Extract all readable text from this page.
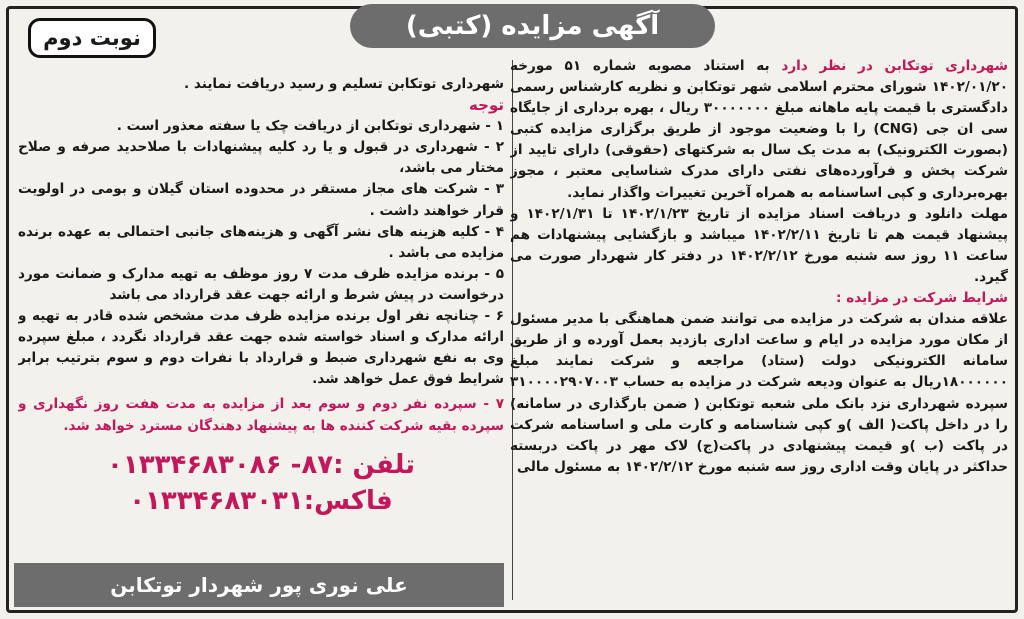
آگهی مزایده (کتبی)
نوبت دوم

شهرداری توتکابن در نظر دارد به استناد مصوبه شماره ۵۱ مورخه ۱۴۰۲/۰۱/۲۰ شورای محترم اسلامی شهر توتکابن و نظریه کارشناس رسمی دادگستری با قیمت پایه ماهانه مبلغ ۳۰۰۰۰۰۰۰ ریال ، بهره برداری از جایگاه سی ان جی (CNG) را با وضعیت موجود از طریق برگزاری مزایده کتبی (بصورت الکترونیک) به مدت یک سال به شرکتهای (حقوقی) دارای تایید از شرکت پخش و فرآورده‌های نفتی دارای مدرک شناسایی معتبر ، مجوز بهره‌برداری و کپی اساسنامه به همراه آخرین تغییرات واگذار نماید.

مهلت دانلود و دریافت اسناد مزایده از تاریخ ۱۴۰۲/۱/۲۳ تا ۱۴۰۲/۱/۳۱ و پیشنهاد قیمت هم تا تاریخ ۱۴۰۲/۲/۱۱ میباشد و بازگشایی پیشنهادات هم ساعت ۱۱ روز سه شنبه مورخ ۱۴۰۲/۲/۱۲ در دفتر کار شهردار صورت می گیرد.

شرایط شرکت در مزایده :

علاقه مندان به شرکت در مزایده می توانند ضمن هماهنگی با مدیر مسئول از مکان مورد مزایده در ایام و ساعت اداری بازدید بعمل آورده و از طریق سامانه الکترونیکی دولت (ستاد) مراجعه و شرکت نمایند مبلغ ۱۸۰۰۰۰۰۰ریال به عنوان ودیعه شرکت در مزایده به حساب ۳۱۰۰۰۰۲۹۰۷۰۰۳ سپرده شهرداری نزد بانک ملی شعبه توتکابن ( ضمن بارگذاری در سامانه) را در داخل پاکت( الف )و کپی شناسنامه و کارت ملی و اساسنامه شرکت در پاکت (ب )و قیمت پیشنهادی در پاکت(ج) لاک مهر در پاکت دربسته حداکثر در پایان وقت اداری روز سه شنبه مورخ ۱۴۰۲/۲/۱۲ به مسئول مالی

شهرداری توتکابن تسلیم و رسید دریافت نمایند .

توجه

۱ - شهرداری توتکابن از دریافت چک یا سفته معذور است .

۲ - شهرداری در قبول و یا رد کلیه پیشنهادات با صلاحدید صرفه و صلاح مختار می باشد،

۳ - شرکت های مجاز مستقر در محدوده استان گیلان و بومی در اولویت قرار خواهند داشت .

۴ - کلیه هزینه های نشر آگهی و هزینه‌های جانبی احتمالی به عهده برنده مزایده می باشد .

۵ - برنده مزایده ظرف مدت ۷ روز موظف به تهیه مدارک و ضمانت مورد درخواست در پیش شرط و ارائه جهت عقد قرارداد می باشد

۶ - چنانچه نفر اول برنده مزایده ظرف مدت مشخص شده قادر به تهیه و ارائه مدارک و اسناد خواسته شده جهت عقد قرارداد نگردد ، مبلغ سپرده وی به نفع شهرداری ضبط و قرارداد با نفرات دوم و سوم بترتیب برابر شرایط فوق عمل خواهد شد.

۷ - سپرده نفر دوم و سوم بعد از مزایده به مدت هفت روز نگهداری و سپرده بقیه شرکت کننده ها به پیشنهاد دهندگان مسترد خواهد شد.

تلفن :۸۷- ۰۱۳۳۴۶۸۳۰۸۶
فاکس:۰۱۳۳۴۶۸۳۰۳۱
علی نوری پور شهردار توتکابن
